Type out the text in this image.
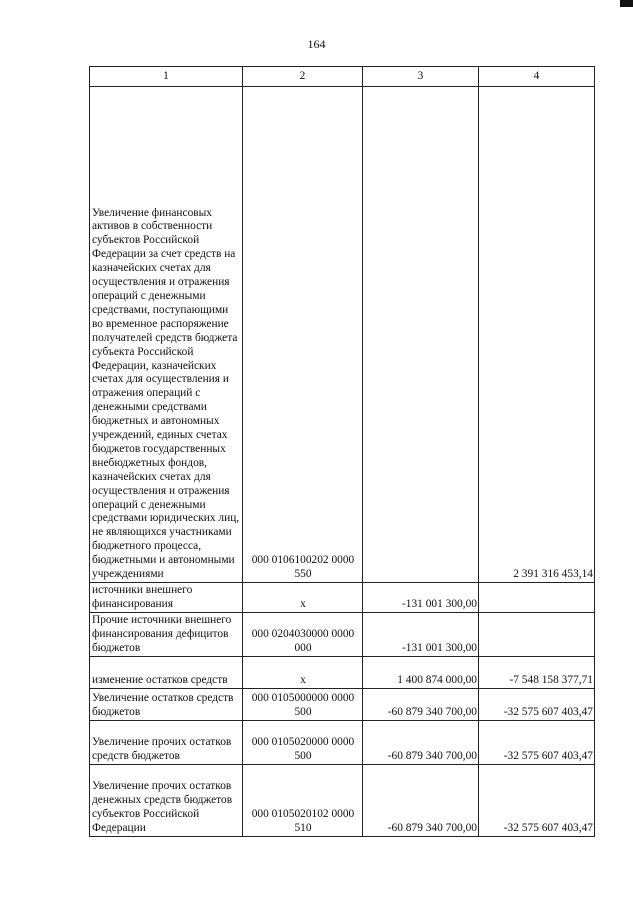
164
1	2	3	4
Увеличение финансовых активов в собственности субъектов Российской Федерации за счет средств на казначейских счетах для осуществления и отражения операций с денежными средствами, поступающими во временное распоряжение получателей средств бюджета субъекта Российской Федерации, казначейских счетах для осуществления и отражения операций с денежными средствами бюджетных и автономных учреждений, единых счетах бюджетов государственных внебюджетных фондов, казначейских счетах для осуществления и отражения операций с денежными средствами юридических лиц, не являющихся участниками бюджетного процесса, бюджетными и автономными учреждениями	000 0106100202 0000 550		2 391 316 453,14
источники внешнего финансирования	x	-131 001 300,00	
Прочие источники внешнего финансирования дефицитов бюджетов	000 0204030000 0000 000	-131 001 300,00	
изменение остатков средств	x	1 400 874 000,00	-7 548 158 377,71
Увеличение остатков средств бюджетов	000 0105000000 0000 500	-60 879 340 700,00	-32 575 607 403,47
Увеличение прочих остатков средств бюджетов	000 0105020000 0000 500	-60 879 340 700,00	-32 575 607 403,47
Увеличение прочих остатков денежных средств бюджетов субъектов Российской Федерации	000 0105020102 0000 510	-60 879 340 700,00	-32 575 607 403,47
